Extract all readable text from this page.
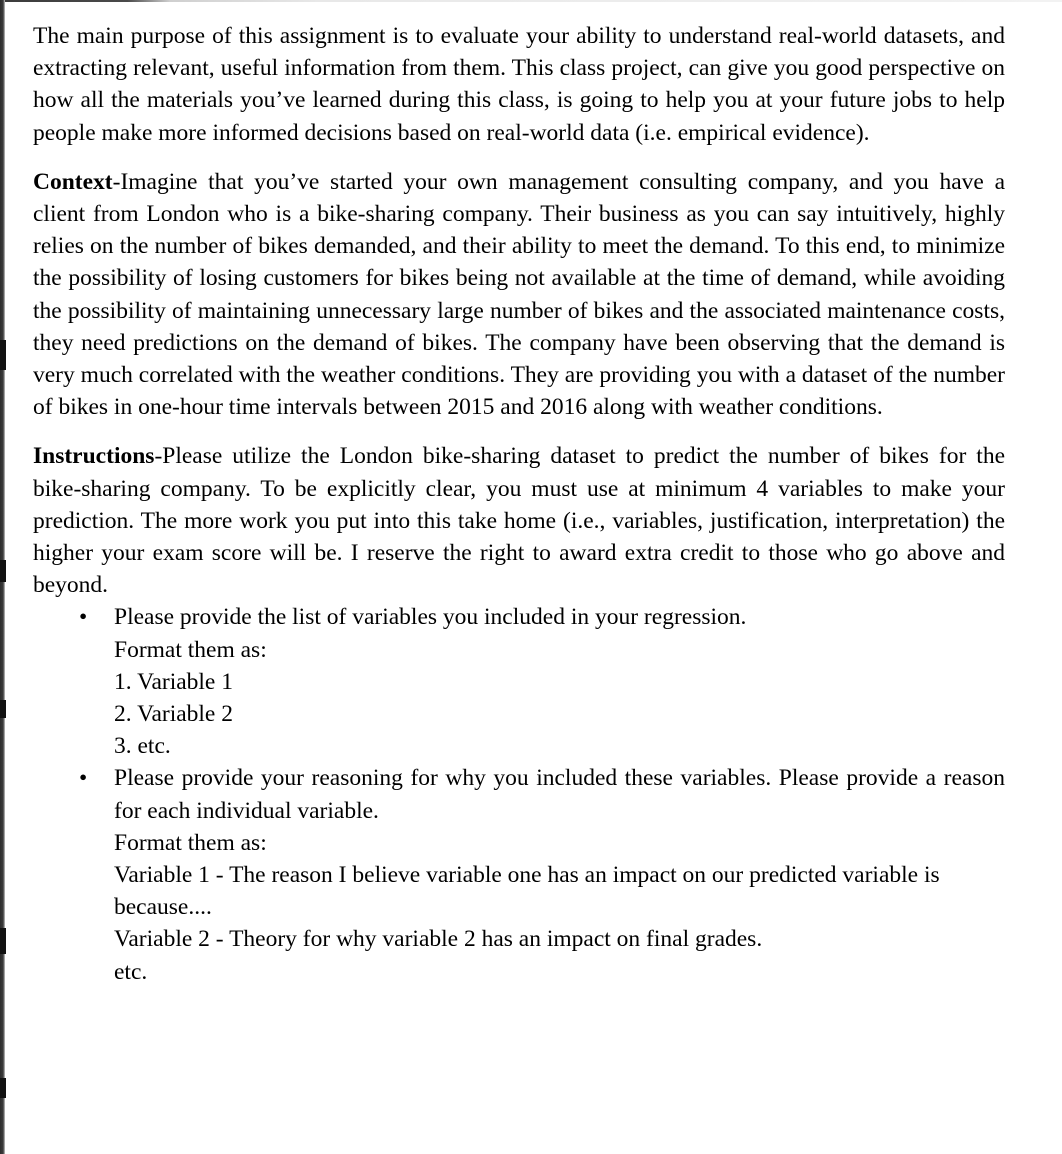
The main purpose of this assignment is to evaluate your ability to understand real-world datasets, and extracting relevant, useful information from them. This class project, can give you good perspective on how all the materials you’ve learned during this class, is going to help you at your future jobs to help people make more informed decisions based on real-world data (i.e. empirical evidence).

Context-Imagine that you’ve started your own management consulting company, and you have a client from London who is a bike-sharing company. Their business as you can say intuitively, highly relies on the number of bikes demanded, and their ability to meet the demand. To this end, to minimize the possibility of losing customers for bikes being not available at the time of demand, while avoiding the possibility of maintaining unnecessary large number of bikes and the associated maintenance costs, they need predictions on the demand of bikes. The company have been observing that the demand is very much correlated with the weather conditions. They are providing you with a dataset of the number of bikes in one-hour time intervals between 2015 and 2016 along with weather conditions.

Instructions-Please utilize the London bike-sharing dataset to predict the number of bikes for the bike-sharing company. To be explicitly clear, you must use at minimum 4 variables to make your prediction. The more work you put into this take home (i.e., variables, justification, interpretation) the higher your exam score will be. I reserve the right to award extra credit to those who go above and beyond.

•	Please provide the list of variables you included in your regression.
Format them as:
1. Variable 1
2. Variable 2
3. etc.
•	Please provide your reasoning for why you included these variables. Please provide a reason for each individual variable.
Format them as:
Variable 1 - The reason I believe variable one has an impact on our predicted variable is because....
Variable 2 - Theory for why variable 2 has an impact on final grades.
etc.
